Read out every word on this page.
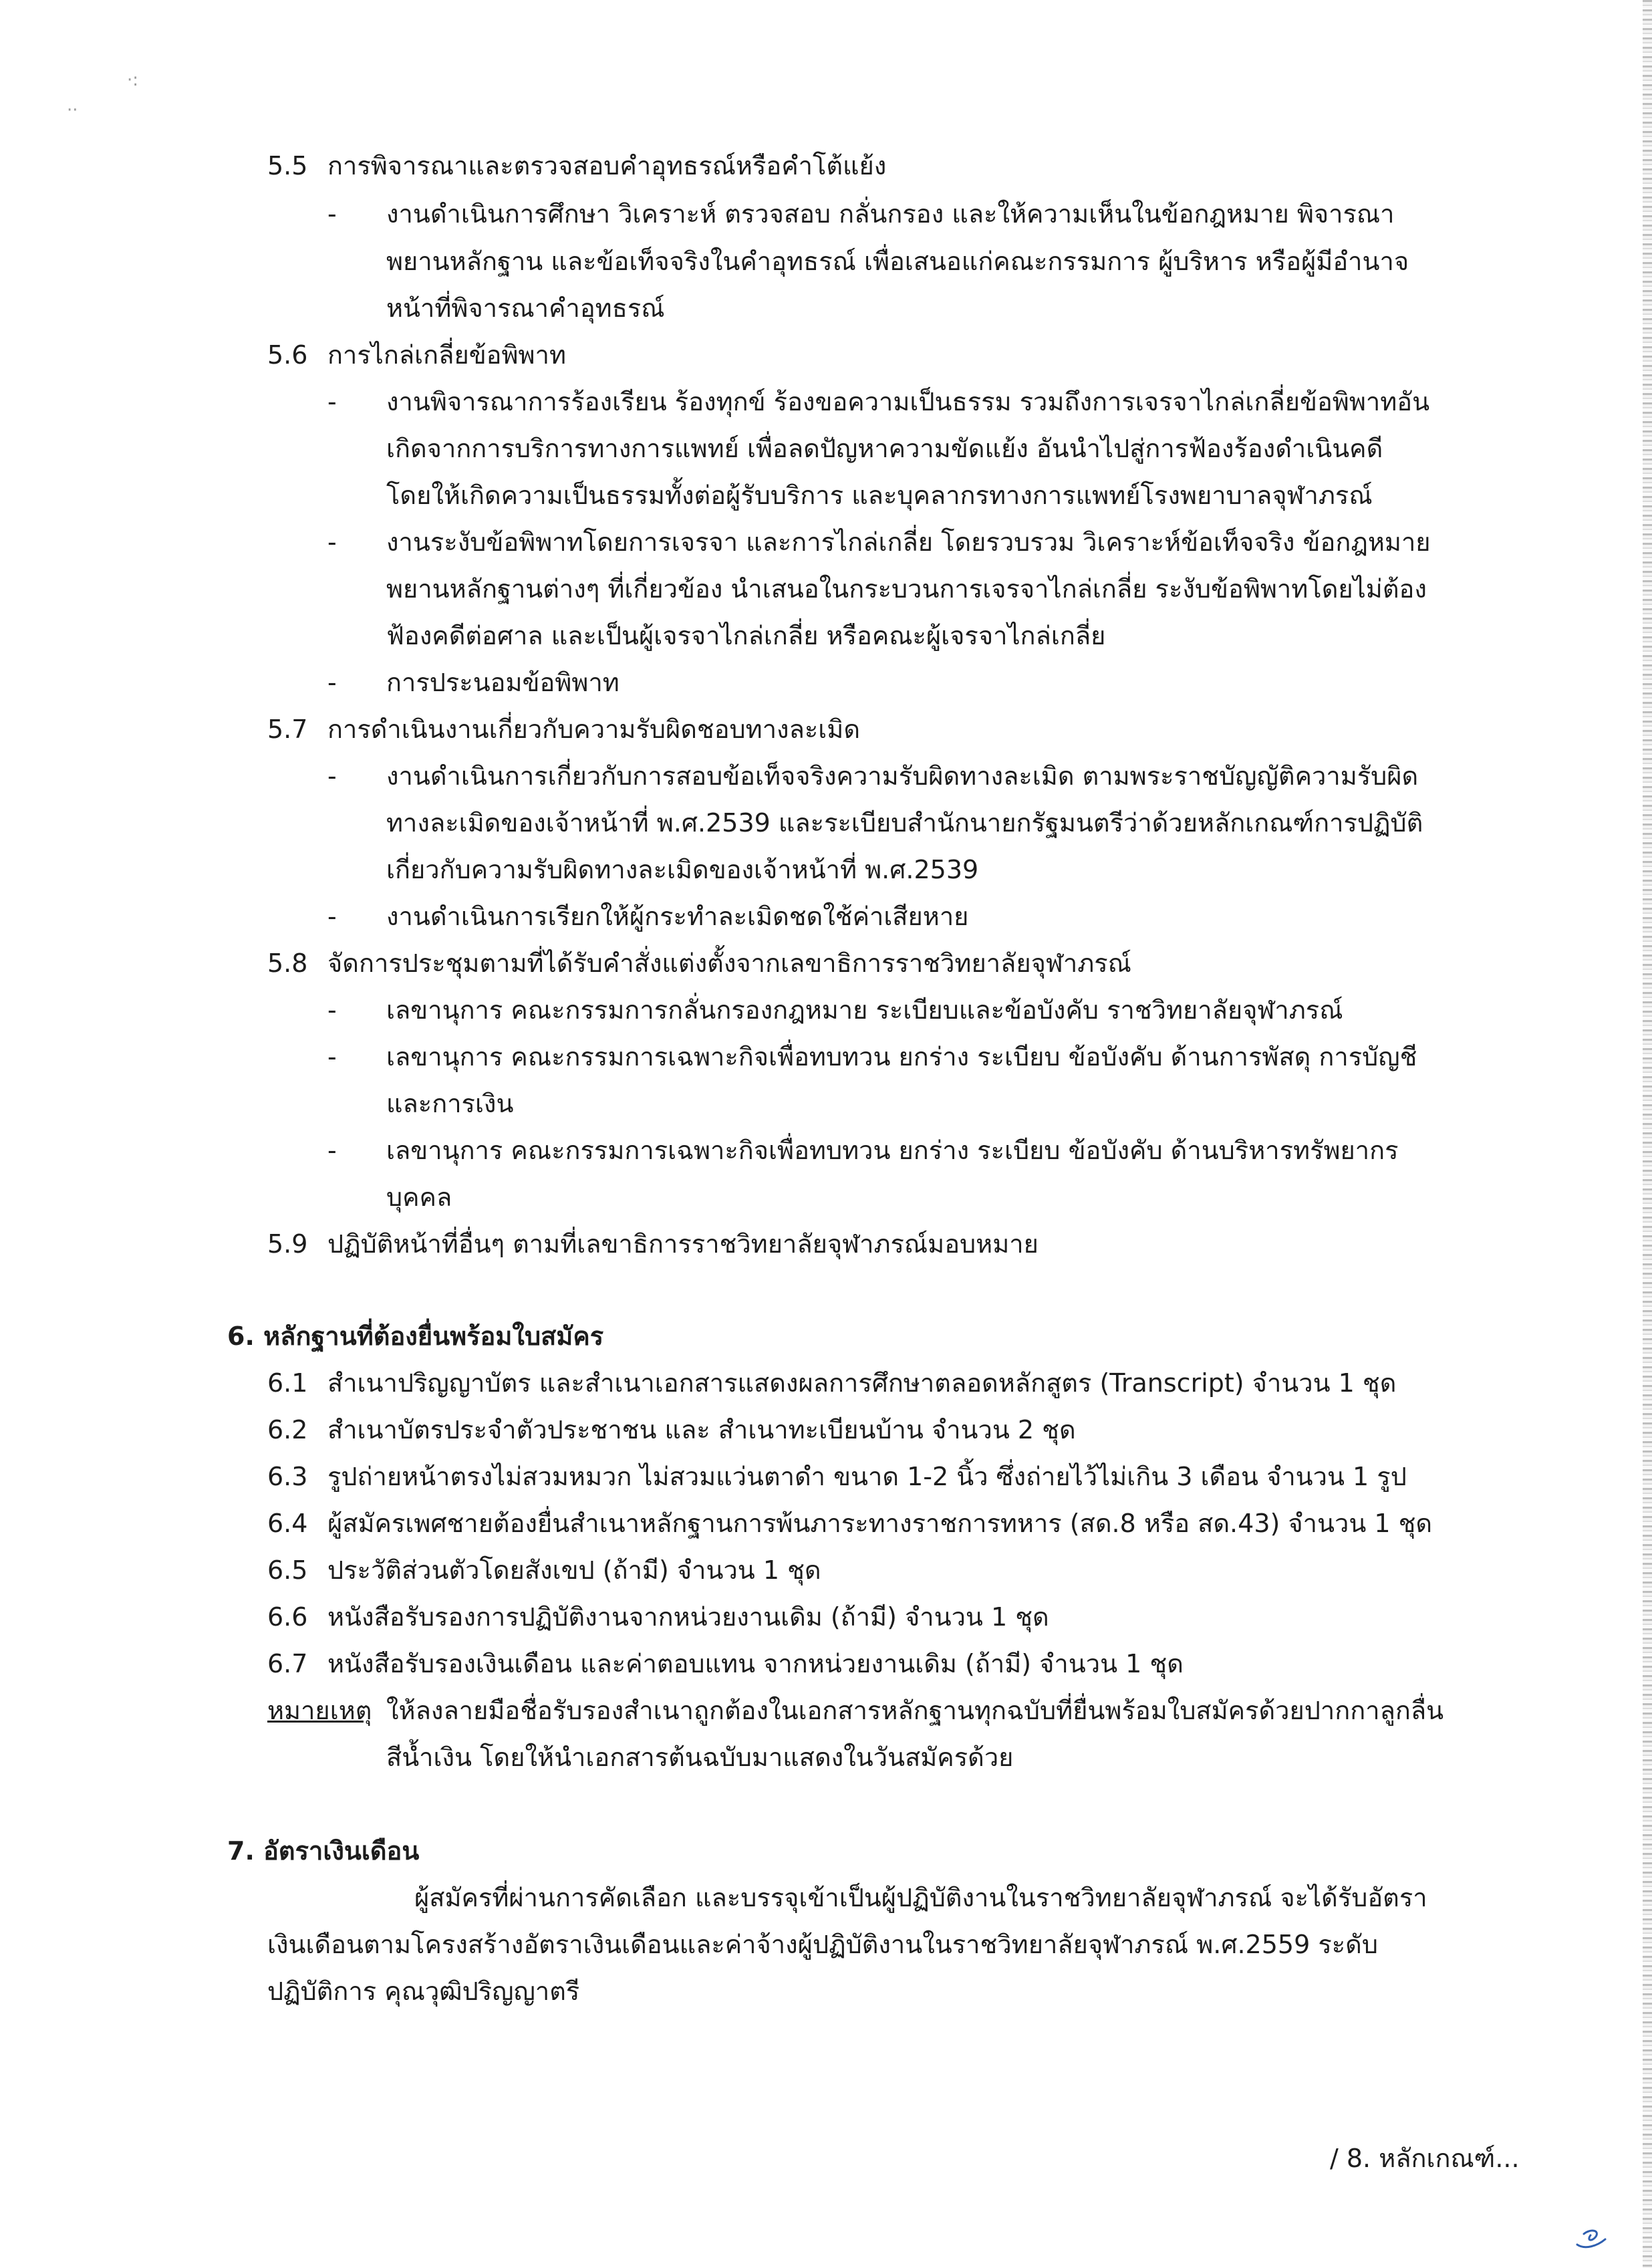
·:
··
5.5 การพิจารณาและตรวจสอบคำอุทธรณ์หรือคำโต้แย้ง
- งานดำเนินการศึกษา วิเคราะห์ ตรวจสอบ กลั่นกรอง และให้ความเห็นในข้อกฎหมาย พิจารณา
พยานหลักฐาน และข้อเท็จจริงในคำอุทธรณ์ เพื่อเสนอแก่คณะกรรมการ ผู้บริหาร หรือผู้มีอำนาจ
หน้าที่พิจารณาคำอุทธรณ์
5.6 การไกล่เกลี่ยข้อพิพาท
- งานพิจารณาการร้องเรียน ร้องทุกข์ ร้องขอความเป็นธรรม รวมถึงการเจรจาไกล่เกลี่ยข้อพิพาทอัน
เกิดจากการบริการทางการแพทย์ เพื่อลดปัญหาความขัดแย้ง อันนำไปสู่การฟ้องร้องดำเนินคดี
โดยให้เกิดความเป็นธรรมทั้งต่อผู้รับบริการ และบุคลากรทางการแพทย์โรงพยาบาลจุฬาภรณ์
- งานระงับข้อพิพาทโดยการเจรจา และการไกล่เกลี่ย โดยรวบรวม วิเคราะห์ข้อเท็จจริง ข้อกฎหมาย
พยานหลักฐานต่างๆ ที่เกี่ยวข้อง นำเสนอในกระบวนการเจรจาไกล่เกลี่ย ระงับข้อพิพาทโดยไม่ต้อง
ฟ้องคดีต่อศาล และเป็นผู้เจรจาไกล่เกลี่ย หรือคณะผู้เจรจาไกล่เกลี่ย
- การประนอมข้อพิพาท
5.7 การดำเนินงานเกี่ยวกับความรับผิดชอบทางละเมิด
- งานดำเนินการเกี่ยวกับการสอบข้อเท็จจริงความรับผิดทางละเมิด ตามพระราชบัญญัติความรับผิด
ทางละเมิดของเจ้าหน้าที่ พ.ศ.2539 และระเบียบสำนักนายกรัฐมนตรีว่าด้วยหลักเกณฑ์การปฏิบัติ
เกี่ยวกับความรับผิดทางละเมิดของเจ้าหน้าที่ พ.ศ.2539
- งานดำเนินการเรียกให้ผู้กระทำละเมิดชดใช้ค่าเสียหาย
5.8 จัดการประชุมตามที่ได้รับคำสั่งแต่งตั้งจากเลขาธิการราชวิทยาลัยจุฬาภรณ์
- เลขานุการ คณะกรรมการกลั่นกรองกฎหมาย ระเบียบและข้อบังคับ ราชวิทยาลัยจุฬาภรณ์
- เลขานุการ คณะกรรมการเฉพาะกิจเพื่อทบทวน ยกร่าง ระเบียบ ข้อบังคับ ด้านการพัสดุ การบัญชี
และการเงิน
- เลขานุการ คณะกรรมการเฉพาะกิจเพื่อทบทวน ยกร่าง ระเบียบ ข้อบังคับ ด้านบริหารทรัพยากร
บุคคล
5.9 ปฏิบัติหน้าที่อื่นๆ ตามที่เลขาธิการราชวิทยาลัยจุฬาภรณ์มอบหมาย
6. หลักฐานที่ต้องยื่นพร้อมใบสมัคร
6.1 สำเนาปริญญาบัตร และสำเนาเอกสารแสดงผลการศึกษาตลอดหลักสูตร (Transcript) จำนวน 1 ชุด
6.2 สำเนาบัตรประจำตัวประชาชน และ สำเนาทะเบียนบ้าน จำนวน 2 ชุด
6.3 รูปถ่ายหน้าตรงไม่สวมหมวก ไม่สวมแว่นตาดำ ขนาด 1-2 นิ้ว ซึ่งถ่ายไว้ไม่เกิน 3 เดือน จำนวน 1 รูป
6.4 ผู้สมัครเพศชายต้องยื่นสำเนาหลักฐานการพ้นภาระทางราชการทหาร (สด.8 หรือ สด.43) จำนวน 1 ชุด
6.5 ประวัติส่วนตัวโดยสังเขป (ถ้ามี) จำนวน 1 ชุด
6.6 หนังสือรับรองการปฏิบัติงานจากหน่วยงานเดิม (ถ้ามี) จำนวน 1 ชุด
6.7 หนังสือรับรองเงินเดือน และค่าตอบแทน จากหน่วยงานเดิม (ถ้ามี) จำนวน 1 ชุด
หมายเหตุ ให้ลงลายมือชื่อรับรองสำเนาถูกต้องในเอกสารหลักฐานทุกฉบับที่ยื่นพร้อมใบสมัครด้วยปากกาลูกลื่น
สีน้ำเงิน โดยให้นำเอกสารต้นฉบับมาแสดงในวันสมัครด้วย
7. อัตราเงินเดือน
ผู้สมัครที่ผ่านการคัดเลือก และบรรจุเข้าเป็นผู้ปฏิบัติงานในราชวิทยาลัยจุฬาภรณ์ จะได้รับอัตรา
เงินเดือนตามโครงสร้างอัตราเงินเดือนและค่าจ้างผู้ปฏิบัติงานในราชวิทยาลัยจุฬาภรณ์ พ.ศ.2559 ระดับ
ปฏิบัติการ คุณวุฒิปริญญาตรี
/ 8. หลักเกณฑ์...
